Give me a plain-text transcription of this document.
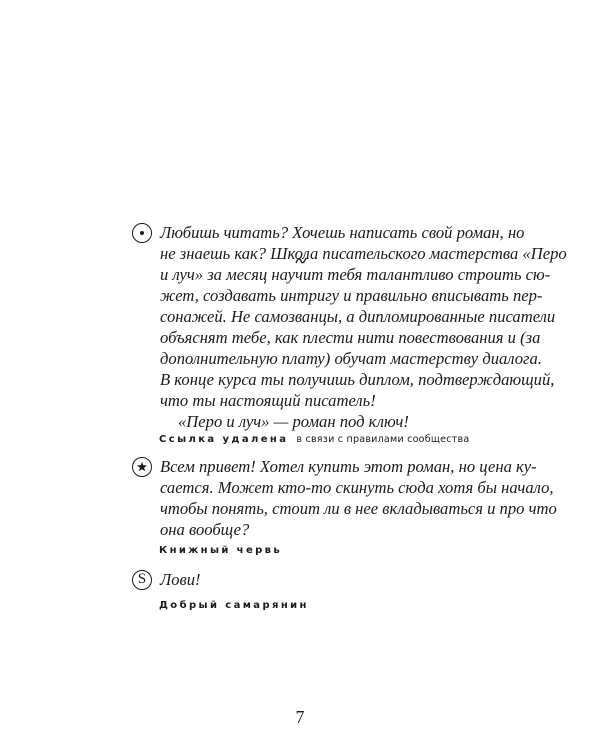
Любишь читать? Хочешь написать свой роман, но
не знаешь как? Школа писательского мастерства «Перо
и луч» за месяц нау
чит тебя талантливо строить сю-
жет, создавать интригу и правильно вписывать пер-
сонажей. Не самозванцы, а дипломированные писатели
объяснят тебе, как плести нити повествования и (за
дополнительную плату) обучат мастерству диалога.
В конце курса ты получишь диплом, подтверждающий,
что ты настоящий писатель!
«Перо и луч» — роман под ключ!
Ссылка удалена в связи с правилами сообщества
Всем привет! Хотел купить этот роман, но цена ку-
сается. Может кто-то скинуть сюда хотя бы начало,
чтобы понять, стоит ли в нее вкладываться и про что
она вообще?
Книжный червь
S Лови!
Добрый самарянин
7
